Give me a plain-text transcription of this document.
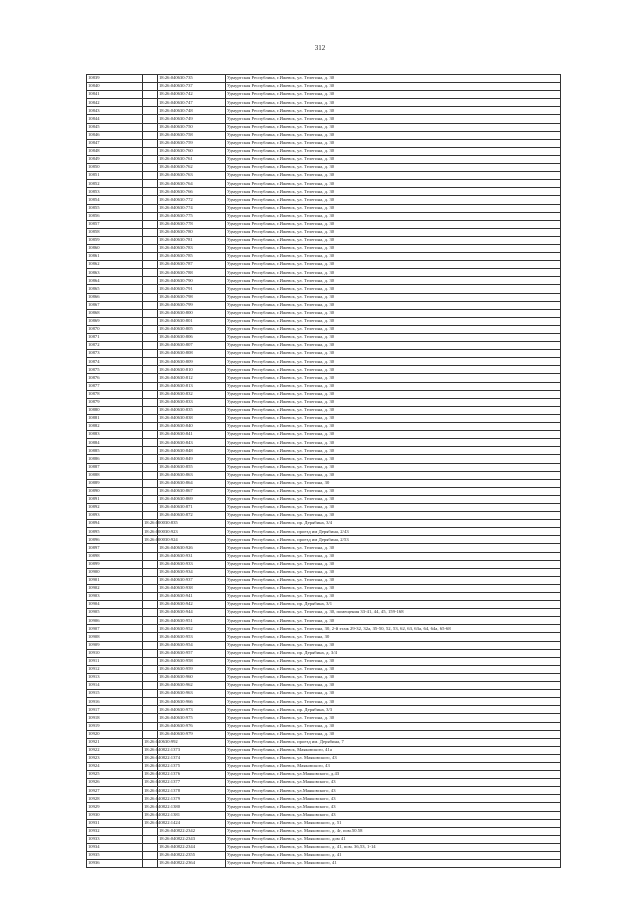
312
10839		18:26:040630:735	Удмуртская Республика, г.Ижевск, ул. Телегина, д. 30
10840		18:26:040630:737	Удмуртская Республика, г.Ижевск, ул. Телегина, д. 30
10841		18:26:040630:742	Удмуртская Республика, г.Ижевск, ул. Телегина, д. 30
10842		18:26:040630:747	Удмуртская Республика, г.Ижевск, ул. Телегина, д. 30
10843		18:26:040630:748	Удмуртская Республика, г.Ижевск, ул. Телегина, д. 30
10844		18:26:040630:749	Удмуртская Республика, г.Ижевск, ул. Телегина, д. 30
10845		18:26:040630:750	Удмуртская Республика, г.Ижевск, ул. Телегина, д. 30
10846		18:26:040630:758	Удмуртская Республика, г.Ижевск, ул. Телегина, д. 30
10847		18:26:040630:759	Удмуртская Республика, г.Ижевск, ул. Телегина, д. 30
10848		18:26:040630:760	Удмуртская Республика, г.Ижевск, ул. Телегина, д. 30
10849		18:26:040630:761	Удмуртская Республика, г.Ижевск, ул. Телегина, д. 30
10850		18:26:040630:762	Удмуртская Республика, г.Ижевск, ул. Телегина, д. 30
10851		18:26:040630:763	Удмуртская Республика, г.Ижевск, ул. Телегина, д. 30
10852		18:26:040630:764	Удмуртская Республика, г.Ижевск, ул. Телегина, д. 30
10853		18:26:040630:766	Удмуртская Республика, г.Ижевск, ул. Телегина, д. 30
10854		18:26:040630:772	Удмуртская Республика, г.Ижевск, ул. Телегина, д. 30
10855		18:26:040630:774	Удмуртская Республика, г.Ижевск, ул. Телегина, д. 30
10856		18:26:040630:775	Удмуртская Республика, г.Ижевск, ул. Телегина, д. 30
10857		18:26:040630:778	Удмуртская Республика, г.Ижевск, ул. Телегина, д. 30
10858		18:26:040630:780	Удмуртская Республика, г.Ижевск, ул. Телегина, д. 30
10859		18:26:040630:781	Удмуртская Республика, г.Ижевск, ул. Телегина, д. 30
10860		18:26:040630:783	Удмуртская Республика, г.Ижевск, ул. Телегина, д. 30
10861		18:26:040630:785	Удмуртская Республика, г.Ижевск, ул. Телегина, д. 30
10862		18:26:040630:787	Удмуртская Республика, г.Ижевск, ул. Телегина, д. 30
10863		18:26:040630:788	Удмуртская Республика, г.Ижевск, ул. Телегина, д. 30
10864		18:26:040630:790	Удмуртская Республика, г.Ижевск, ул. Телегина, д. 30
10865		18:26:040630:791	Удмуртская Республика, г.Ижевск, ул. Телегина, д. 30
10866		18:26:040630:798	Удмуртская Республика, г.Ижевск, ул. Телегина, д. 30
10867		18:26:040630:799	Удмуртская Республика, г.Ижевск, ул. Телегина, д. 30
10868		18:26:040630:800	Удмуртская Республика, г.Ижевск, ул. Телегина, д. 30
10869		18:26:040630:801	Удмуртская Республика, г.Ижевск, ул. Телегина, д. 30
10870		18:26:040630:805	Удмуртская Республика, г.Ижевск, ул. Телегина, д. 30
10871		18:26:040630:806	Удмуртская Республика, г.Ижевск, ул. Телегина, д. 30
10872		18:26:040630:807	Удмуртская Республика, г.Ижевск, ул. Телегина, д. 30
10873		18:26:040630:808	Удмуртская Республика, г.Ижевск, ул. Телегина, д. 30
10874		18:26:040630:809	Удмуртская Республика, г.Ижевск, ул. Телегина, д. 30
10875		18:26:040630:810	Удмуртская Республика, г.Ижевск, ул. Телегина, д. 30
10876		18:26:040630:812	Удмуртская Республика, г.Ижевск, ул. Телегина, д. 30
10877		18:26:040630:813	Удмуртская Республика, г.Ижевск, ул. Телегина, д. 30
10878		18:26:040630:832	Удмуртская Республика, г.Ижевск, ул. Телегина, д. 30
10879		18:26:040630:833	Удмуртская Республика, г.Ижевск, ул. Телегина, д. 30
10880		18:26:040630:835	Удмуртская Республика, г.Ижевск, ул. Телегина, д. 30
10881		18:26:040630:838	Удмуртская Республика, г.Ижевск, ул. Телегина, д. 30
10882		18:26:040630:840	Удмуртская Республика, г.Ижевск, ул. Телегина, д. 30
10883		18:26:040630:841	Удмуртская Республика, г.Ижевск, ул. Телегина, д. 30
10884		18:26:040630:843	Удмуртская Республика, г.Ижевск, ул. Телегина, д. 30
10885		18:26:040630:848	Удмуртская Республика, г.Ижевск, ул. Телегина, д. 30
10886		18:26:040630:849	Удмуртская Республика, г.Ижевск, ул. Телегина, д. 30
10887		18:26:040630:855	Удмуртская Республика, г.Ижевск, ул. Телегина, д. 30
10888		18:26:040630:863	Удмуртская Республика, г.Ижевск, ул. Телегина, д. 30
10889		18:26:040630:864	Удмуртская Республика, г.Ижевск, ул. Телегина, 30
10890		18:26:040630:867	Удмуртская Республика, г.Ижевск, ул. Телегина, д. 30
10891		18:26:040630:869	Удмуртская Республика, г.Ижевск, ул. Телегина, д. 30
10892		18:26:040630:871	Удмуртская Республика, г.Ижевск, ул. Телегина, д. 30
10893		18:26:040630:872	Удмуртская Республика, г.Ижевск, ул. Телегина, д. 30
10894	18:26:000030:835		Удмуртская Республика, г.Ижевск, пр. Дерябина, 3/4
10895	18:26:000030:923		Удмуртская Республика, г.Ижевск, проезд им Дерябина, 2/43
10896	18:26:000030:924		Удмуртская Республика, г.Ижевск, проезд им Дерябина, 2/53
10897		18:26:040630:926	Удмуртская Республика, г.Ижевск, ул. Телегина, д. 30
10898		18:26:040630:931	Удмуртская Республика, г.Ижевск, ул. Телегина, д. 30
10899		18:26:040630:933	Удмуртская Республика, г.Ижевск, ул. Телегина, д. 30
10900		18:26:040630:934	Удмуртская Республика, г.Ижевск, ул. Телегина, д. 30
10901		18:26:040630:937	Удмуртская Республика, г.Ижевск, ул. Телегина, д. 30
10902		18:26:040630:938	Удмуртская Республика, г.Ижевск, ул. Телегина, д. 30
10903		18:26:040630:941	Удмуртская Республика, г.Ижевск, ул. Телегина, д. 30
10904		18:26:040630:942	Удмуртская Республика, г.Ижевск, пр. Дерябина, 3/1
10905		18:26:040630:944	Удмуртская Республика, г.Ижевск, ул. Телегина, д. 30, помещения 33-41, 44, 45, 159-168
10906		18:26:040630:951	Удмуртская Республика, г.Ижевск, ул. Телегина, д. 30
10907		18:26:040630:952	Удмуртская Республика, г.Ижевск, ул. Телегина, 30, 2-й этаж 29-32, 32а, 35-50, 52, 53, 62, 63, 63а, 64, 64а, 65-68
10908		18:26:040630:953	Удмуртская Республика, г.Ижевск, ул. Телегина, 30
10909		18:26:040630:954	Удмуртская Республика, г.Ижевск, ул. Телегина, д. 30
10910		18:26:040630:957	Удмуртская Республика, г.Ижевск, пр. Дерябина, д. 3/4
10911		18:26:040630:958	Удмуртская Республика, г.Ижевск, ул. Телегина, д. 30
10912		18:26:040630:959	Удмуртская Республика, г.Ижевск, ул. Телегина, д. 30
10913		18:26:040630:960	Удмуртская Республика, г.Ижевск, ул. Телегина, д. 30
10914		18:26:040630:962	Удмуртская Республика, г.Ижевск, ул. Телегина, д. 30
10915		18:26:040630:963	Удмуртская Республика, г.Ижевск, ул. Телегина, д. 30
10916		18:26:040630:966	Удмуртская Республика, г.Ижевск, ул. Телегина, д. 30
10917		18:26:040630:973	Удмуртская Республика, г.Ижевск, пр. Дерябина, 3/3
10918		18:26:040630:975	Удмуртская Республика, г.Ижевск, ул. Телегина, д. 30
10919		18:26:040630:976	Удмуртская Республика, г.Ижевск, ул. Телегина, д. 30
10920		18:26:040630:979	Удмуртская Республика, г.Ижевск, ул. Телегина, д. 30
10921	18:26:040630:992		Удмуртская Республика, г.Ижевск, проезд им. Дерябина, 7
10922	18:26:040822:1373		Удмуртская Республика, г.Ижевск, Маяковского, 41а
10923	18:26:040822:1374		Удмуртская Республика, г.Ижевск, ул. Маяковского, 43
10924	18:26:040822:1375		Удмуртская Республика, г.Ижевск, Маяковского, 43
10925	18:26:040822:1376		Удмуртская Республика, г.Ижевск, ул.Маяковского, д.43
10926	18:26:040822:1377		Удмуртская Республика, г.Ижевск, ул.Маяковского, 43
10927	18:26:040822:1378		Удмуртская Республика, г.Ижевск, ул.Маяковского, 43
10928	18:26:040822:1379		Удмуртская Республика, г.Ижевск, ул.Маяковского, 43
10929	18:26:040822:1380		Удмуртская Республика, г.Ижевск, ул.Маяковского, 43
10930	18:26:040822:1381		Удмуртская Республика, г.Ижевск, ул.Маяковского, 43
10931	18:26:040822:1424		Удмуртская Республика, г.Ижевск, ул. Маяковского, д. 51
10932		18:26:040822:2342	Удмуртская Республика, г.Ижевск, ул. Маяковского, д. 4г, пом.50.58
10933		18:26:040822:2343	Удмуртская Республика, г.Ижевск, ул. Маяковского, дом 41
10934		18:26:040822:2344	Удмуртская Республика, г.Ижевск, ул. Маяковского, д. 41, пом. 36,53, 1-14
10935		18:26:040822:2355	Удмуртская Республика, г.Ижевск, ул. Маяковского, д. 41
10936		18:26:040822:2364	Удмуртская Республика, г.Ижевск, ул. Маяковского, 41
